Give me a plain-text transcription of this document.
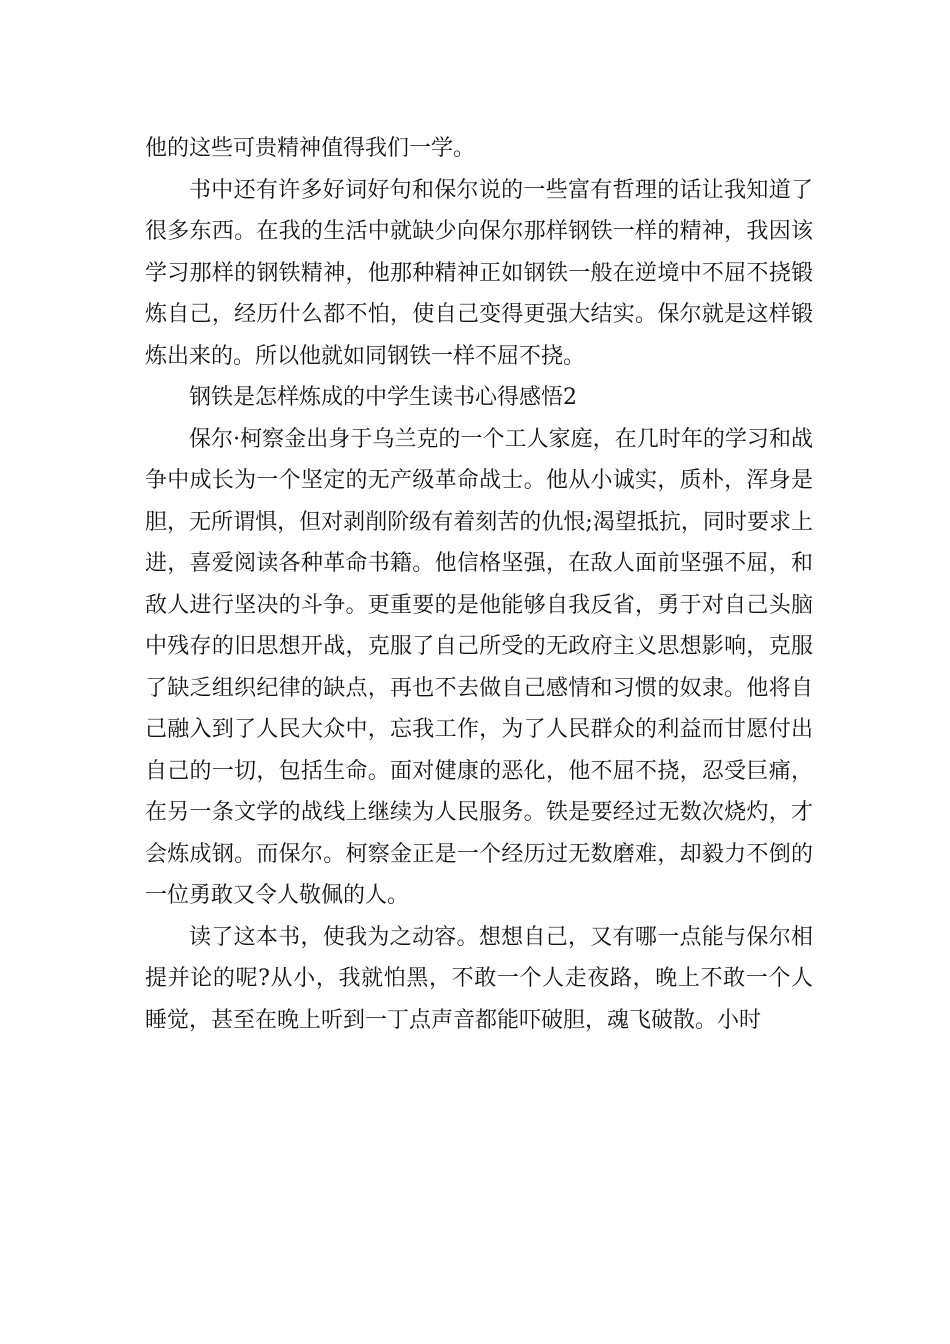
他的这些可贵精神值得我们一学。

书中还有许多好词好句和保尔说的一些富有哲理的话让我知道了很多东西。在我的生活中就缺少向保尔那样钢铁一样的精神，我因该学习那样的钢铁精神，他那种精神正如钢铁一般在逆境中不屈不挠锻炼自己，经历什么都不怕，使自己变得更强大结实。保尔就是这样锻炼出来的。所以他就如同钢铁一样不屈不挠。

钢铁是怎样炼成的中学生读书心得感悟2

保尔·柯察金出身于乌兰克的一个工人家庭，在几时年的学习和战争中成长为一个坚定的无产级革命战士。他从小诚实，质朴，浑身是胆，无所谓惧，但对剥削阶级有着刻苦的仇恨;渴望抵抗，同时要求上进，喜爱阅读各种革命书籍。他信格坚强，在敌人面前坚强不屈，和敌人进行坚决的斗争。更重要的是他能够自我反省，勇于对自己头脑中残存的旧思想开战，克服了自己所受的无政府主义思想影响，克服了缺乏组织纪律的缺点，再也不去做自己感情和习惯的奴隶。他将自己融入到了人民大众中，忘我工作，为了人民群众的利益而甘愿付出自己的一切，包括生命。面对健康的恶化，他不屈不挠，忍受巨痛，在另一条文学的战线上继续为人民服务。铁是要经过无数次烧灼，才会炼成钢。而保尔。柯察金正是一个经历过无数磨难，却毅力不倒的一位勇敢又令人敬佩的人。

读了这本书，使我为之动容。想想自己，又有哪一点能与保尔相提并论的呢?从小，我就怕黑，不敢一个人走夜路，晚上不敢一个人睡觉，甚至在晚上听到一丁点声音都能吓破胆，魂飞破散。小时
